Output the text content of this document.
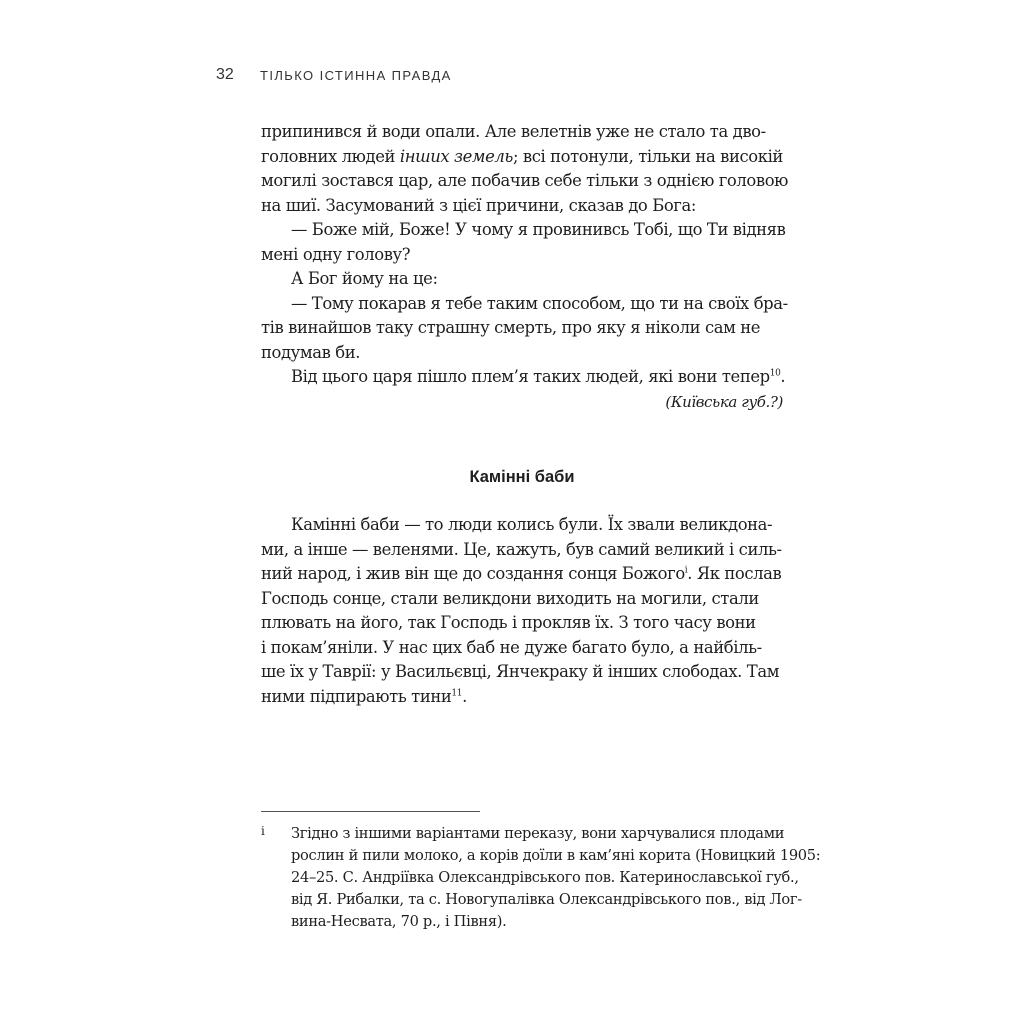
32 ТІЛЬКО ІСТИННА ПРАВДА
припинився й води опали. Але велетнів уже не стало та дво-
головних людей інших земель; всі потонули, тільки на високій
могилі зостався цар, але побачив себе тільки з однією головою
на шиї. Засумований з цієї причини, сказав до Бога:
— Боже мій, Боже! У чому я провинивсь Тобі, що Ти відняв
мені одну голову?
А Бог йому на це:
— Тому покарав я тебе таким способом, що ти на своїх бра-
тів винайшов таку страшну смерть, про яку я ніколи сам не
подумав би.
Від цього царя пішло плем’я таких людей, які вони тепер$^{10}$.
(Київська губ.?)
Камінні баби
Камінні баби — то люди колись були. Їх звали великдона-
ми, а інше — веленями. Це, кажуть, був самий великий і силь-
ний народ, і жив він ще до создання сонця Божого$^i$. Як послав
Господь сонце, стали великдони виходить на могили, стали
плювать на його, так Господь і прокляв їх. З того часу вони
і покам’яніли. У нас цих баб не дуже багато було, а найбіль-
ше їх у Таврії: у Васильєвці, Янчекраку й інших слободах. Там
ними підпирають тини$^{11}$.
i Згідно з іншими варіантами переказу, вони харчувалися плодами
рослин й пили молоко, а корів доїли в кам’яні корита (Новицкий 1905:
24–25. С. Андріївка Олександрівського пов. Катеринославської губ.,
від Я. Рибалки, та с. Новогупалівка Олександрівського пов., від Лог-
вина-Несвата, 70 р., і Півня).
